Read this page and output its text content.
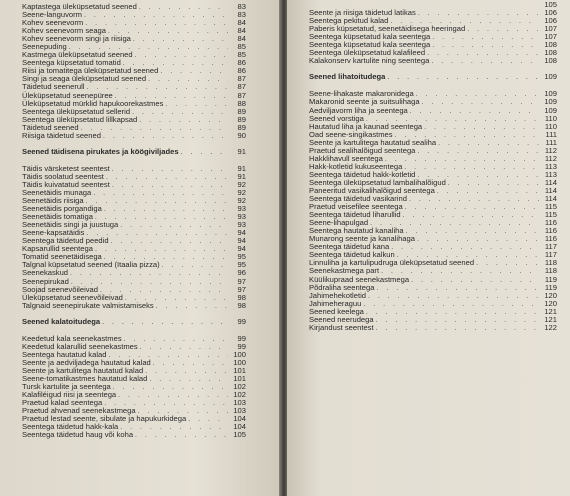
Kaptastega üleküpsetatud seened . . .	83
Seene-languvorm . . .	83
Kohev seenevorm . . .	84
Kohev seenevorm seaga . . .	84
Kohev seenevorm singi ja riisiga . . .	84
Seenepuding . . .	85
Kastmega üleküpsetatud seened . . .	85
Seentega küpsetatud tomatid . . .	86
Riisi ja tomatitega üleküpsetatud seened . . .	86
Singi ja seaga üleküpsetatud seened . . .	87
Täidetud seenerull . . .	87
Üleküpsetatud seenepüree . . .	87
Üleküpsetatud mürklid hapukoorekastmes . . .	88
Seentega üleküpsetatud sellerid . . .	89
Seentega üleküpsetatud lillkapsad . . .	89
Täidetud seened . . .	89
Riisiga täidetud seened . . .	90
Seened täidisena pirukates ja köögiviljades . . .	91
Täidis värsketest seentest . . .	91
Täidis soolatud seentest . . .	91
Täidis kuivatatud seentest . . .	92
Seenetäidis munaga . . .	92
Seenetäidis riisiga . . .	92
Seenetäidis porgandiga . . .	93
Seenetäidis tomatiga . . .	93
Seenetäidis singi ja juustuga . . .	93
Seene-kapsatäidis . . .	94
Seentega täidetud peedid . . .	94
Kapsarullid seentega . . .	94
Tomatid seenetäidisega . . .	95
Talgnal küpsetatud seened (Itaalia pizza) . . .	95
Seenekaskud . . .	96
Seenepirukad . . .	97
Soojad seenevõileivad . . .	97
Üleküpsetatud seenevõileivad . . .	98
Talgnaid seenepirukate valmistamiseks . . .	98
Seened kalatoitudega . . .	99
Keedetud kala seenekastmes . . .	99
Keedetud kalarullid seenekastmes . . .	99
Seentega hautatud kalad . . .	100
Seente ja aedviljadega hautatud kalad . . .	100
Seente ja kartulitega hautatud kalad . . .	101
Seene-tomatikastmes hautatud kalad . . .	101
Tursk kartulite ja seentega . . .	102
Kalafiléigud riisi ja seentega . . .	102
Praetud kalad seentega . . .	103
Praetud ahvenad seenekastmega . . .	103
Praetud lestad seente, sibulate ja hapukurkidega . . .	104
Seentega täidetud hakk-kala . . .	104
Seentega täidetud haug või koha . . .	105
105
Seente ja riisiga täidetud latikas . . .	106
Seentega pekitud kalad . . .	106
Paberis küpsetatud, seenetäidisega heeringad . . .	107
Seentega küpsetatud kala seentega . . .	107
Seentega küpsetatud kala seentega . . .	108
Seentega üleküpsetatud kalafileed . . .	108
Kalakonserv kartulite ning seentega . . .	108
Seened lihatoitudega . . .	109
Seene-lihakaste makaronidega . . .	109
Makaronid seente ja suitsulihaga . . .	109
Aedviljavorm liha ja seentega . . .	109
Seened vorstiga . . .	110
Hautatud liha ja kaunad seentega . . .	110
Oad seene-singikastmes . . .	111
Seente ja kartulitega hautatud sealiha . . .	111
Praetud sealihalõigud seentega . . .	112
Hakklihavull seentega . . .	112
Hakk-kotletid kukuseentega . . .	113
Seentega täidetud hakk-kotletid . . .	113
Seentega üleküpsetatud lambalihalõigud . . .	114
Paneeritud vasikalihalõigud seentega . . .	114
Seentega täidetud vasikarind . . .	114
Praetud veisefilee seentega . . .	115
Seentega täidetud liharullid . . .	115
Seene-lihapulgad . . .	116
Seentega hautatud kanaliha . . .	116
Munarong seente ja kanalihaga . . .	116
Seentega täidetud kana . . .	117
Seentega täidetud kalkun . . .	117
Linnuliha ja kartulipudruga üleküpsetatud seened . . .	118
Seenekastmega part . . .	118
Küülikupraad seenekastmega . . .	119
Põdraliha seentega . . .	119
Jahimehekotletid . . .	120
Jahimeheraguu . . .	120
Seened keelega . . .	121
Seened neerudega . . .	121
Kirjandust seentest . . .	122
